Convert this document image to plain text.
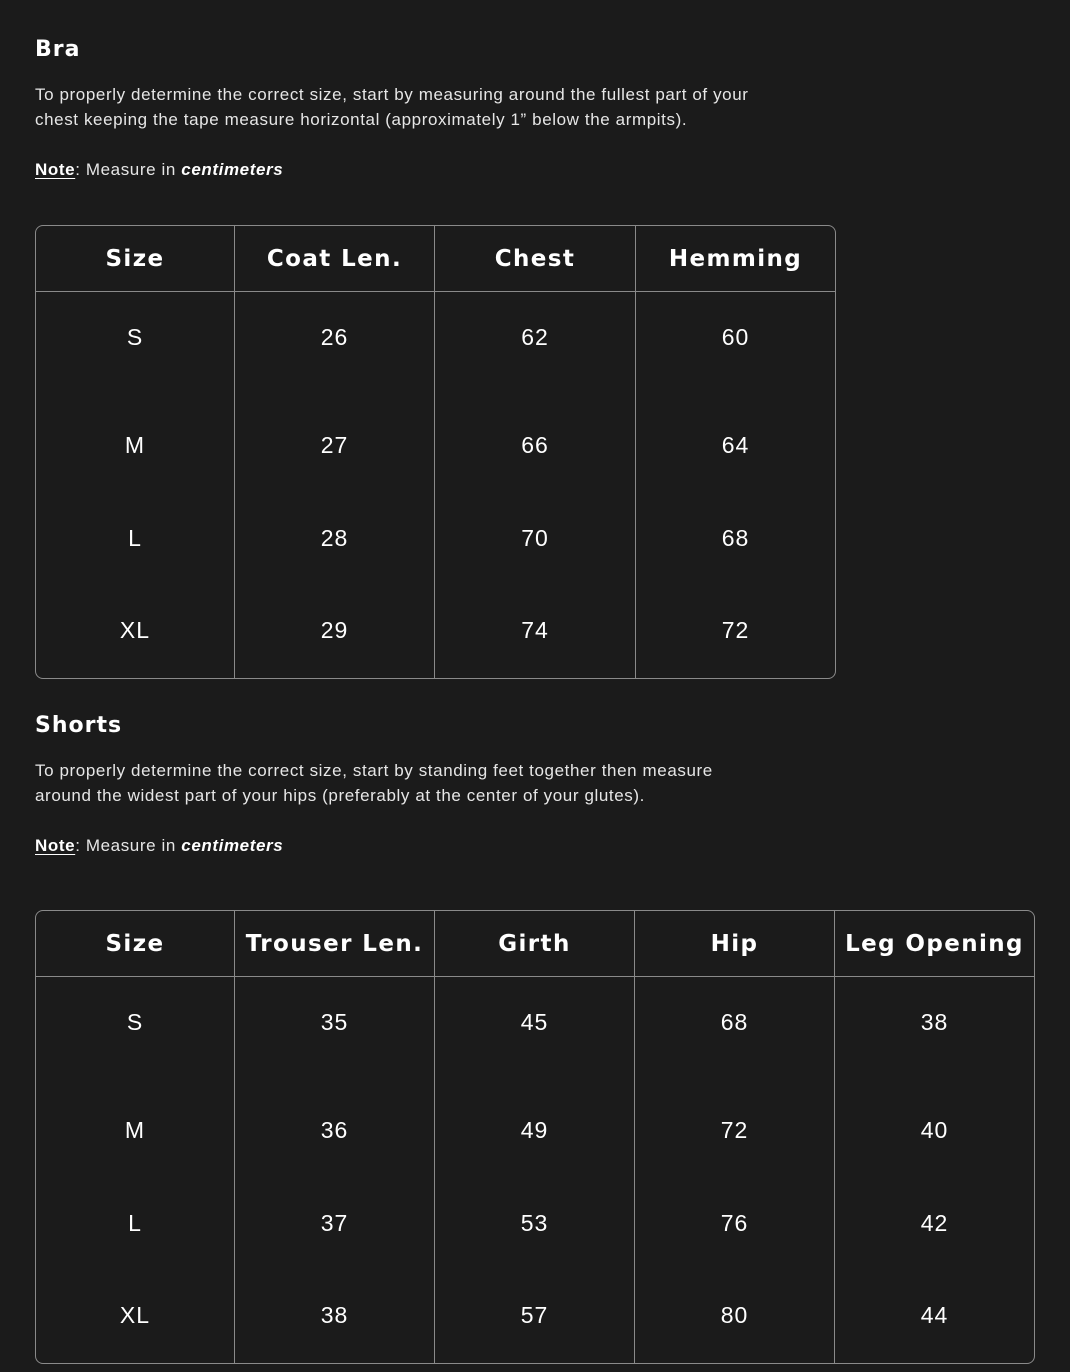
Bra

To properly determine the correct size, start by measuring around the fullest part of your

chest keeping the tape measure horizontal (approximately 1” below the armpits).

Note: Measure in centimeters

Size	Coat Len.	Chest	Hemming
S	26	62	60
M	27	66	64
L	28	70	68
XL	29	74	72
Shorts

To properly determine the correct size, start by standing feet together then measure

around the widest part of your hips (preferably at the center of your glutes).

Note: Measure in centimeters

Size	Trouser Len.	Girth	Hip	Leg Opening
S	35	45	68	38
M	36	49	72	40
L	37	53	76	42
XL	38	57	80	44
